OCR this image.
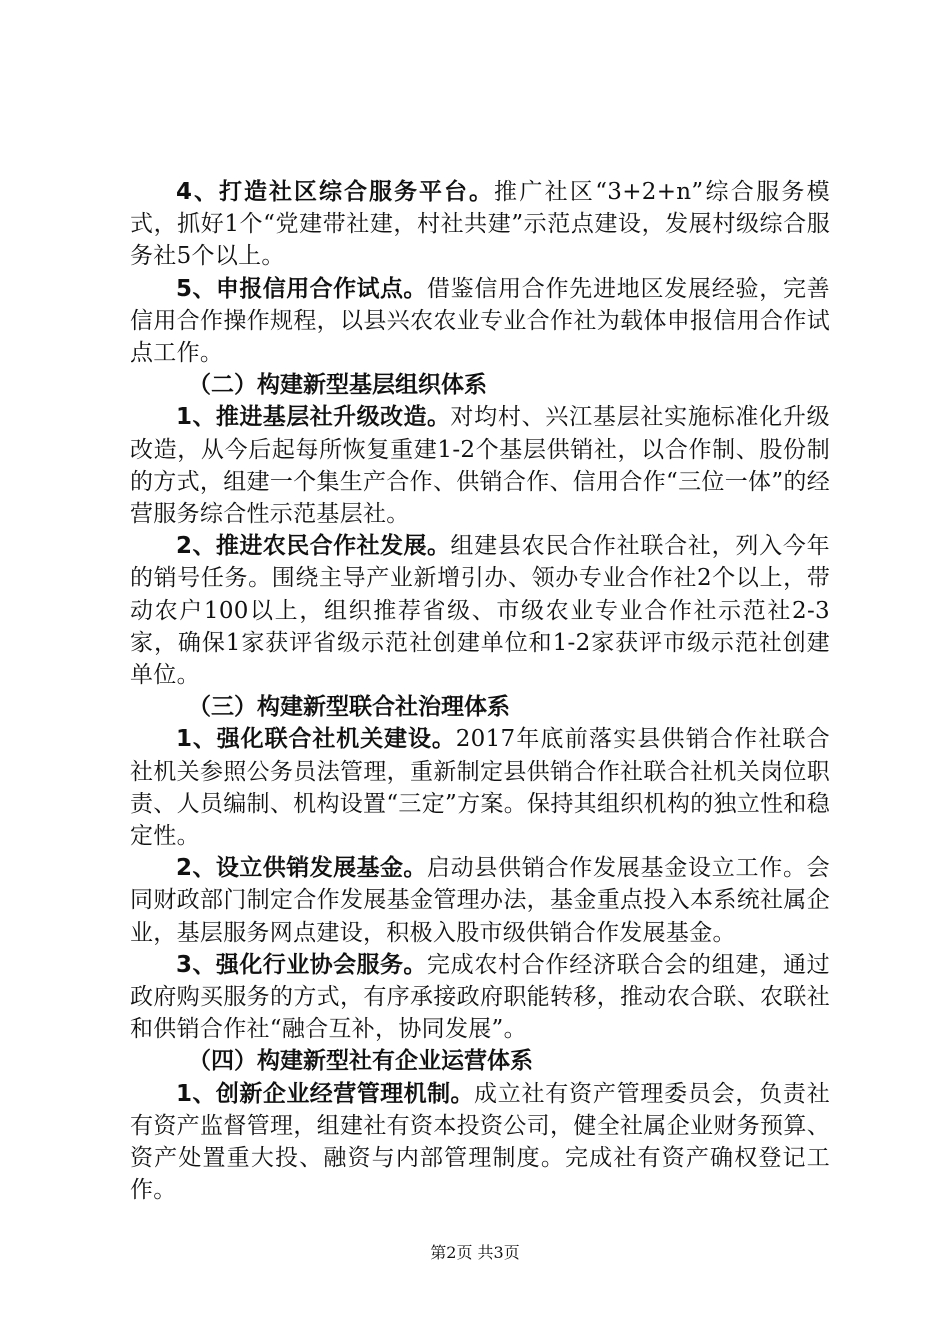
4、打造社区综合服务平台。推广社区“3+2+n”综合服务模式，抓好1个“党建带社建，村社共建”示范点建设，发展村级综合服务社5个以上。

5、申报信用合作试点。借鉴信用合作先进地区发展经验，完善信用合作操作规程，以县兴农农业专业合作社为载体申报信用合作试点工作。

（二）构建新型基层组织体系

1、推进基层社升级改造。对均村、兴江基层社实施标准化升级改造，从今后起每所恢复重建1-2个基层供销社，以合作制、股份制的方式，组建一个集生产合作、供销合作、信用合作“三位一体”的经营服务综合性示范基层社。

2、推进农民合作社发展。组建县农民合作社联合社，列入今年的销号任务。围绕主导产业新增引办、领办专业合作社2个以上，带动农户100以上，组织推荐省级、市级农业专业合作社示范社2-3家，确保1家获评省级示范社创建单位和1-2家获评市级示范社创建单位。

（三）构建新型联合社治理体系

1、强化联合社机关建设。2017年底前落实县供销合作社联合社机关参照公务员法管理，重新制定县供销合作社联合社机关岗位职责、人员编制、机构设置“三定”方案。保持其组织机构的独立性和稳定性。

2、设立供销发展基金。启动县供销合作发展基金设立工作。会同财政部门制定合作发展基金管理办法，基金重点投入本系统社属企业，基层服务网点建设，积极入股市级供销合作发展基金。

3、强化行业协会服务。完成农村合作经济联合会的组建，通过政府购买服务的方式，有序承接政府职能转移，推动农合联、农联社和供销合作社“融合互补，协同发展”。

（四）构建新型社有企业运营体系

1、创新企业经营管理机制。成立社有资产管理委员会，负责社有资产监督管理，组建社有资本投资公司，健全社属企业财务预算、资产处置重大投、融资与内部管理制度。完成社有资产确权登记工作。

第2页 共3页
